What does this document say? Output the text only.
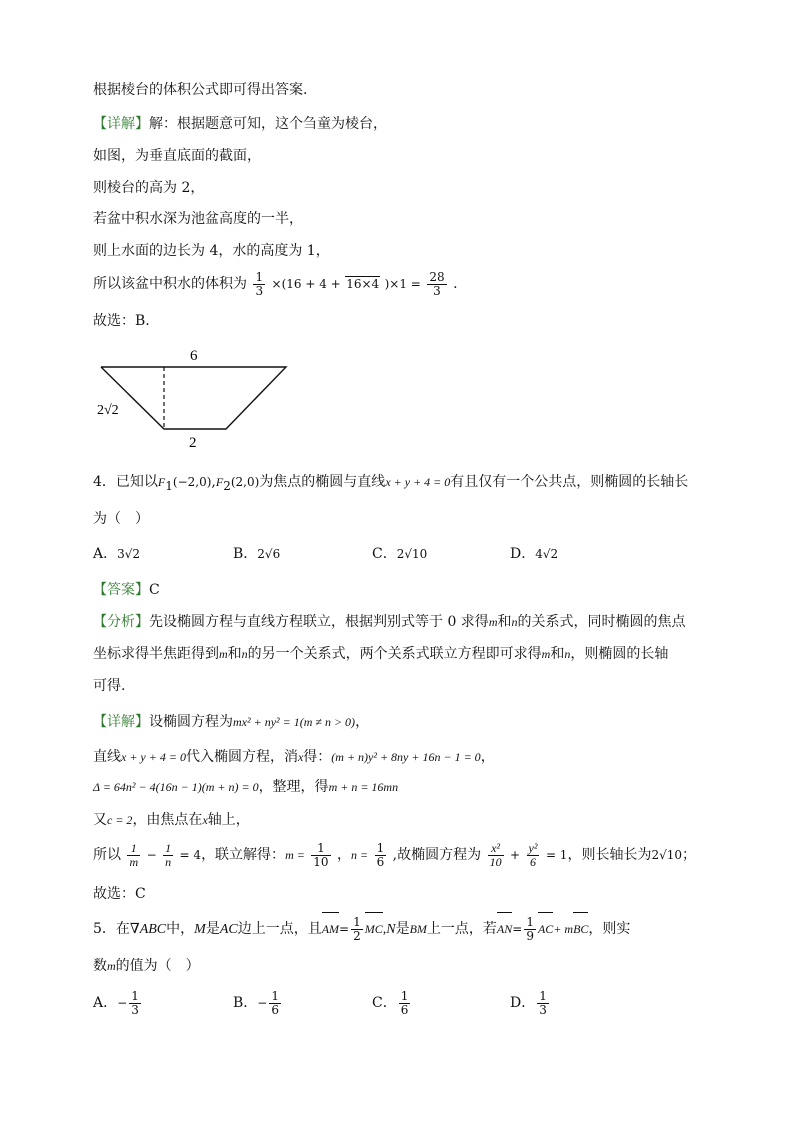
根据棱台的体积公式即可得出答案.
【详解】解：根据题意可知，这个刍童为棱台，
如图，为垂直底面的截面，
则棱台的高为 2，
若盆中积水深为池盆高度的一半，
则上水面的边长为 4，水的高度为 1，
所以该盆中积水的体积为 $\frac{1}{3} \times(16 + 4 + 16\times 4$ )$\times 1 = \frac{28}{3}$ .
故选：B.
6
2√2
2
4．已知以$F_1(-2,0),F_2(2,0)$为焦点的椭圆与直线x + y + 4 = 0有且仅有一个公共点，则椭圆的长轴长
为（　）
A．3√2	B．2√6	C．2√10	D．4√2
【答案】C
【分析】先设椭圆方程与直线方程联立，根据判别式等于 0 求得m和n的关系式，同时椭圆的焦点
坐标求得半焦距得到m和n的另一个关系式，两个关系式联立方程即可求得m和n，则椭圆的长轴
可得.
【详解】设椭圆方程为mx² + ny² = 1(m ≠ n > 0)，
直线x + y + 4 = 0代入椭圆方程，消x得：(m + n)y² + 8ny + 16n − 1 = 0，
Δ = 64n² − 4(16n − 1)(m + n) = 0，整理，得m + n = 16mn
又c = 2，由焦点在x轴上，
所以 $\frac{1}{m} - \frac{1}{n} = 4$，联立解得：$m = \frac{1}{10}$ ，$n = \frac{1}{6}$ ,故椭圆方程为 $\frac{\text{x²}}{10} + \frac{\text{y²}}{6} = 1$，则长轴长为2√10；
故选：C
5．在∇ABC中，M是AC边上一点，且$AM= \frac{1}{2} MC,N$是BM上一点，若$AN= \frac{1}{9} AC+$ mBC，则实
数m的值为（　）
A．− $\frac{1}{3}$	B．− $\frac{1}{6}$	C． $\frac{1}{6}$	D． $\frac{1}{3}$
